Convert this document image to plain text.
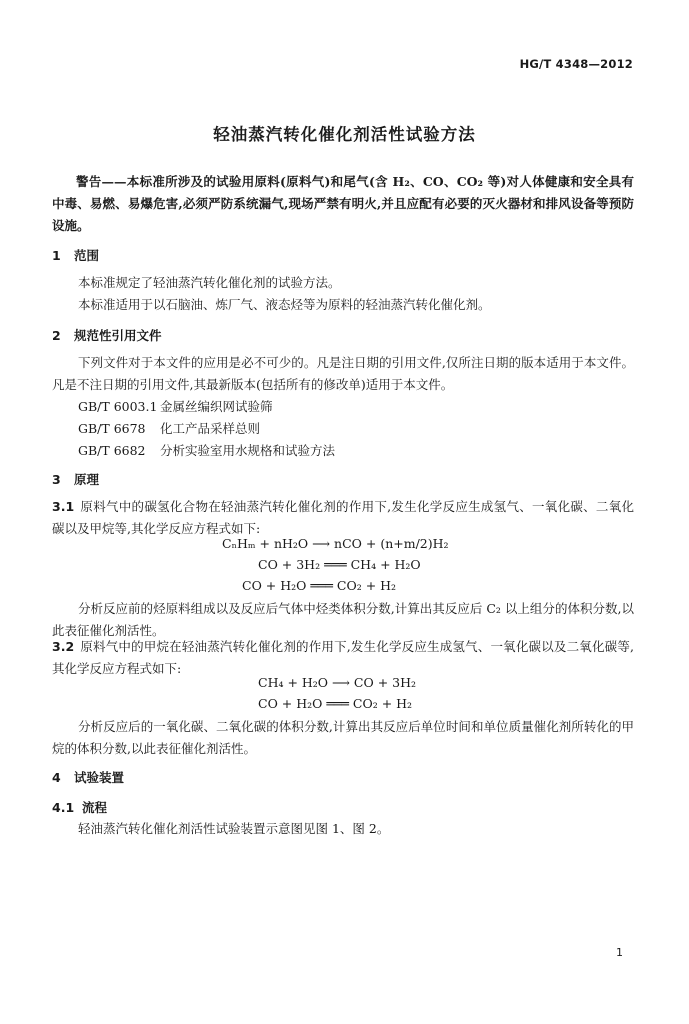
HG/T 4348—2012
轻油蒸汽转化催化剂活性试验方法
警告——本标准所涉及的试验用原料(原料气)和尾气(含 H₂、CO、CO₂ 等)对人体健康和安全具有中毒、易燃、易爆危害,必须严防系统漏气,现场严禁有明火,并且应配有必要的灭火器材和排风设备等预防设施。
1 范围
本标准规定了轻油蒸汽转化催化剂的试验方法。
本标准适用于以石脑油、炼厂气、液态烃等为原料的轻油蒸汽转化催化剂。
2 规范性引用文件
下列文件对于本文件的应用是必不可少的。凡是注日期的引用文件,仅所注日期的版本适用于本文件。凡是不注日期的引用文件,其最新版本(包括所有的修改单)适用于本文件。
GB/T 6003.1 金属丝编织网试验筛
GB/T 6678 化工产品采样总则
GB/T 6682 分析实验室用水规格和试验方法
3 原理
3.1 原料气中的碳氢化合物在轻油蒸汽转化催化剂的作用下,发生化学反应生成氢气、一氧化碳、二氧化碳以及甲烷等,其化学反应方程式如下:
CₙHₘ + nH₂O ⟶ nCO + (n+m/2)H₂
CO + 3H₂ ═══ CH₄ + H₂O
CO + H₂O ═══ CO₂ + H₂
分析反应前的烃原料组成以及反应后气体中烃类体积分数,计算出其反应后 C₂ 以上组分的体积分数,以此表征催化剂活性。
3.2 原料气中的甲烷在轻油蒸汽转化催化剂的作用下,发生化学反应生成氢气、一氧化碳以及二氧化碳等,其化学反应方程式如下:
CH₄ + H₂O ⟶ CO + 3H₂
CO + H₂O ═══ CO₂ + H₂
分析反应后的一氧化碳、二氧化碳的体积分数,计算出其反应后单位时间和单位质量催化剂所转化的甲烷的体积分数,以此表征催化剂活性。
4 试验装置
4.1 流程
轻油蒸汽转化催化剂活性试验装置示意图见图 1、图 2。
1
